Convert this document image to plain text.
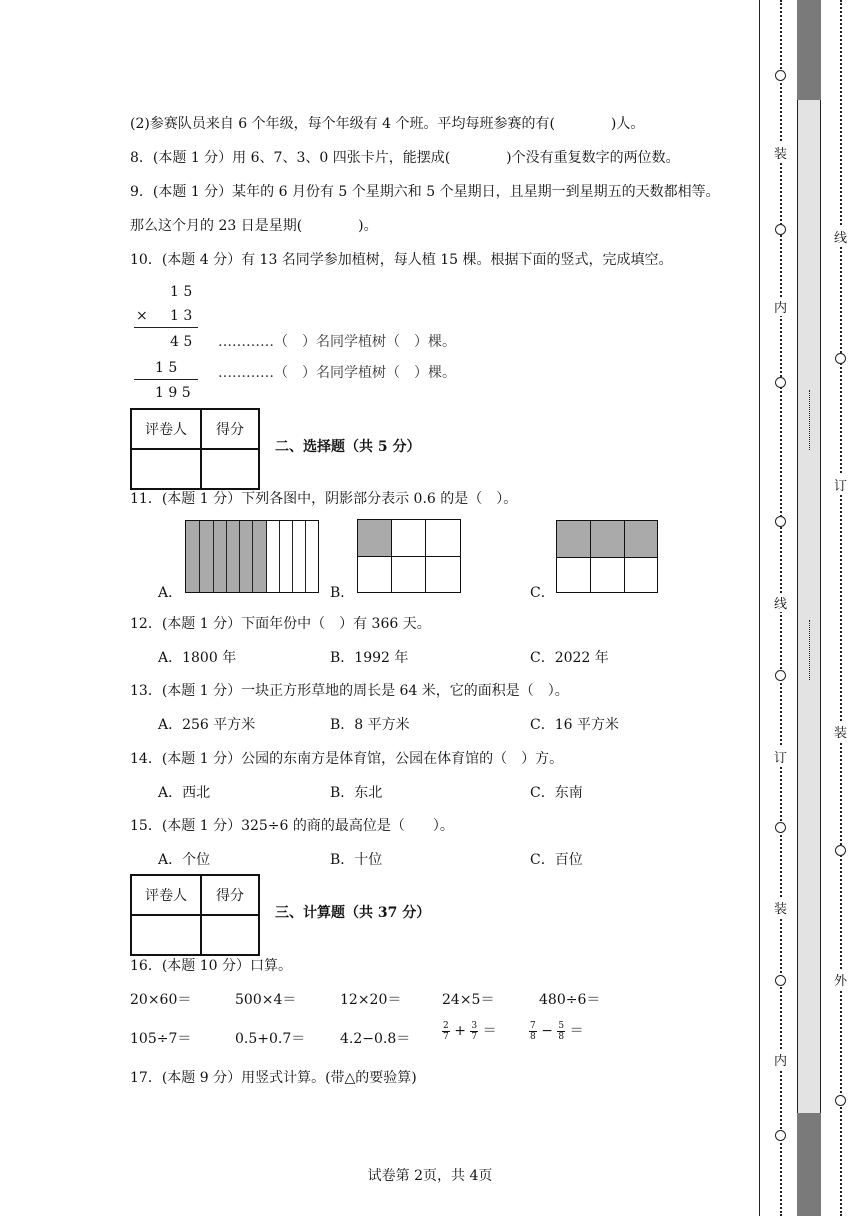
(2)参赛队员来自 6 个年级，每个年级有 4 个班。平均每班参赛的有(　　　　)人。
8．(本题 1 分）用 6、7、3、0 四张卡片，能摆成(　　　　)个没有重复数字的两位数。
9．(本题 1 分）某年的 6 月份有 5 个星期六和 5 个星期日，且星期一到星期五的天数都相等。
那么这个月的 23 日是星期(　　　　)。
10．(本题 4 分）有 13 名同学参加植树，每人植 15 棵。根据下面的竖式，完成填空。
1 5
× 1 3
4 5 …………（　）名同学植树（　）棵。
1 5	…………（　）名同学植树（　）棵。
1 9 5
评卷人	得分

二、选择题（共 5 分）
11．(本题 1 分）下列各图中，阴影部分表示 0.6 的是（　）。
A．	B．	C．
12．(本题 1 分）下面年份中（　）有 366 天。
A．1800 年	B．1992 年	C．2022 年
13．(本题 1 分）一块正方形草地的周长是 64 米，它的面积是（　）。
A．256 平方米	B．8 平方米	C．16 平方米
14．(本题 1 分）公园的东南方是体育馆，公园在体育馆的（　）方。
A．西北	B．东北	C．东南
15．(本题 1 分）325÷6 的商的最高位是（　　）。
A．个位	B．十位	C．百位
评卷人	得分

三、计算题（共 37 分）
16．(本题 10 分）口算。
20×60＝	500×4＝	12×20＝	24×5＝	480÷6＝
105÷7＝	0.5+0.7＝ 4.2−0.8＝	$\frac{2}{7} + \frac{3}{7}$ ＝	$\frac{7}{8} - \frac{5}{8}$ ＝
17．(本题 9 分）用竖式计算。(带△的要验算)
试卷第 2页，共 4页
装
内
线
订
装
内
线
订
装
外
